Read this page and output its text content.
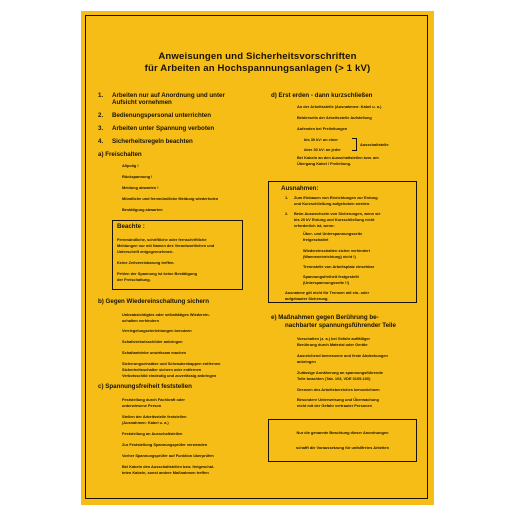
Anweisungen und Sicherheitsvorschriften
für Arbeiten an Hochspannungsanlagen (> 1 kV)
1. Arbeiten nur auf Anordnung und unter
Aufsicht vornehmen
2. Bedienungspersonal unterrichten
3. Arbeiten unter Spannung verboten
4. Sicherheitsregeln beachten
a) Freischalten
Allpolig !
Rückspannung !
Meldung abwarten !
Mündliche und fernmündliche Meldung wiederholen
Bestätigung abwarten
Beachte :
Fernmündliche, schriftliche oder fernschriftliche
Meldungen nur mit Namen des Verantwortlichen und
Unterschrift entgegennehmen.
Keine Zeitvereinbarung treffen.
Fehlen der Spannung ist keine Bestätigung
der Freischaltung.
b) Gegen Wiedereinschaltung sichern
Unbeabsichtigtes oder selbsttätiges Wiederein-
schalten verhindern
Verriegelungseinrichtungen benutzen
Schaltverbotsschilder anbringen
Schaltantriebe unwirksam machen
Sicherungseinsätze und Schraubenkappen entfernen
Sicherheitsschalter sichern oder entfernen
Verbotsschild eindeutig und zuverlässig anbringen
c) Spannungsfreiheit feststellen
Feststellung durch Fachkraft oder
unterwiesene Person
Stellen der Arbeitsstelle feststellen
(Ausnahmen: Kabel u. a.)
Feststellung an Ausschaltstellen
Zur Feststellung Spannungsprüfer verwenden
Vorher Spannungsprüfer auf Funktion überprüfen
Bei Kabeln den Ausschaltstellen bzw. freigeschal-
teten Kabeln, sonst andere Maßnahmen treffen
d) Erst erden - dann kurzschließen
An der Arbeitsstelle (Ausnahmen: Kabel u. a.)
Beiderseits der Arbeitsstelle Aufstellung
Aufenden bei Freileitungen
bis 30 kV: an einer
über 30 kV: an jeder
Ausschaltstelle
Bei Kabeln an den Ausschaltstellen bzw. am
Übergang Kabel / Freileitung.
Ausnahmen:
1. Zum Einbauen von Einrichtungen zur Erdung
und Kurzschließung aufgehoben werden.
2. Beim Auswechseln von Sicherungen, wenn sie
bis 20 kV Erdung und Kurzschließung nicht
erforderlich ist, wenn:
Über- und Unterspannungsseite
freigeschaltet
Wiedereinschalten sicher verhindert
(Wanneneinrichtung) nicht !)
Trennstelle von Arbeitsplatz einsehbar
Spannungsfreiheit festgestellt
(Unterspannungsseite !!)
Ausnahme gilt nicht für Trennen mit ein- oder
aufgebauter Sicherung.
e) Maßnahmen gegen Berührung be-
nachbarter spannungsführender Teile
Vorschalten (z. a.) bei Gefahr auffälliger
Berührung durch Material oder Geräte
Ausreichend bemessene und feste Abdeckungen
anbringen
Zulässige Annäherung an spannungsführende
Teile beachten (Tab. 103, VDE 0105-100)
Grenzen des Arbeitsbereiches kennzeichnen
Besondere Unterweisung und Überwachung
nicht mit der Gefahr vertrauter Personen
Nur die genannte Beachtung dieser Anordnungen
schafft die Voraussetzung für unfallfreies Arbeiten
